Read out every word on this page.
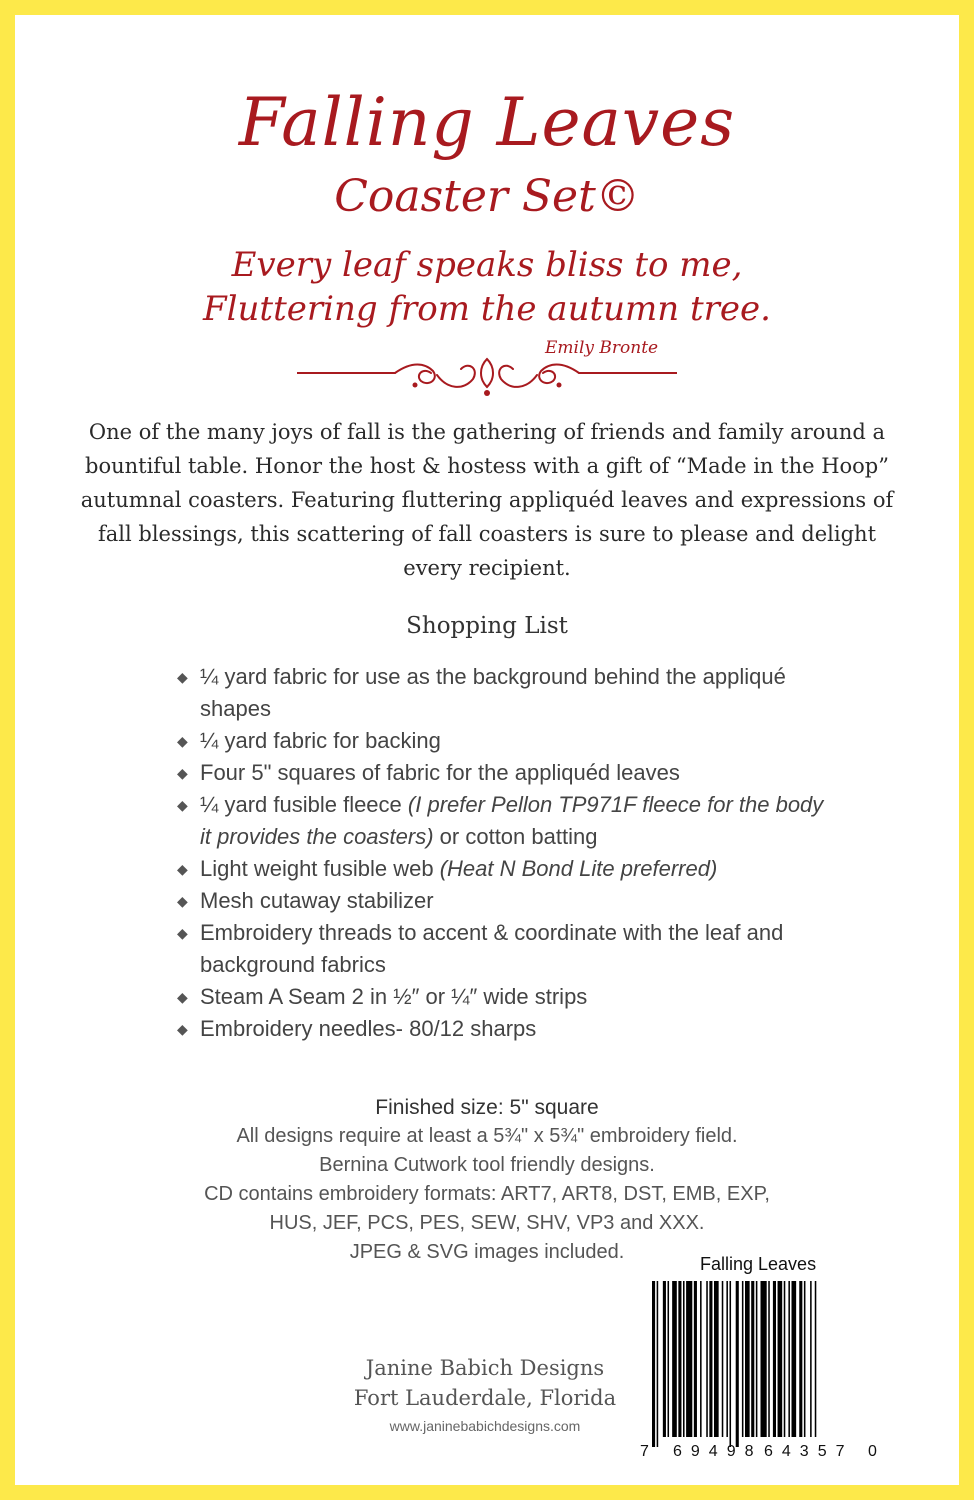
Falling Leaves
Coaster Set©
Every leaf speaks bliss to me,
Fluttering from the autumn tree.
Emily Bronte
One of the many joys of fall is the gathering of friends and family around a bountiful table. Honor the host & hostess with a gift of “Made in the Hoop” autumnal coasters. Featuring fluttering appliquéd leaves and expressions of fall blessings, this scattering of fall coasters is sure to please and delight every recipient.
Shopping List
◆ ¼ yard fabric for use as the background behind the appliqué shapes
◆ ¼ yard fabric for backing
◆ Four 5" squares of fabric for the appliquéd leaves
◆ ¼ yard fusible fleece (I prefer Pellon TP971F fleece for the body it provides the coasters) or cotton batting
◆ Light weight fusible web (Heat N Bond Lite preferred)
◆ Mesh cutaway stabilizer
◆ Embroidery threads to accent & coordinate with the leaf and background fabrics
◆ Steam A Seam 2 in ½″ or ¼″ wide strips
◆ Embroidery needles- 80/12 sharps
Finished size: 5" square
All designs require at least a 5¾" x 5¾" embroidery field.
Bernina Cutwork tool friendly designs.
CD contains embroidery formats: ART7, ART8, DST, EMB, EXP,
HUS, JEF, PCS, PES, SEW, SHV, VP3 and XXX.
JPEG & SVG images included.
Janine Babich Designs
Fort Lauderdale, Florida
www.janinebabichdesigns.com
Falling Leaves
7 69498 64357 0
